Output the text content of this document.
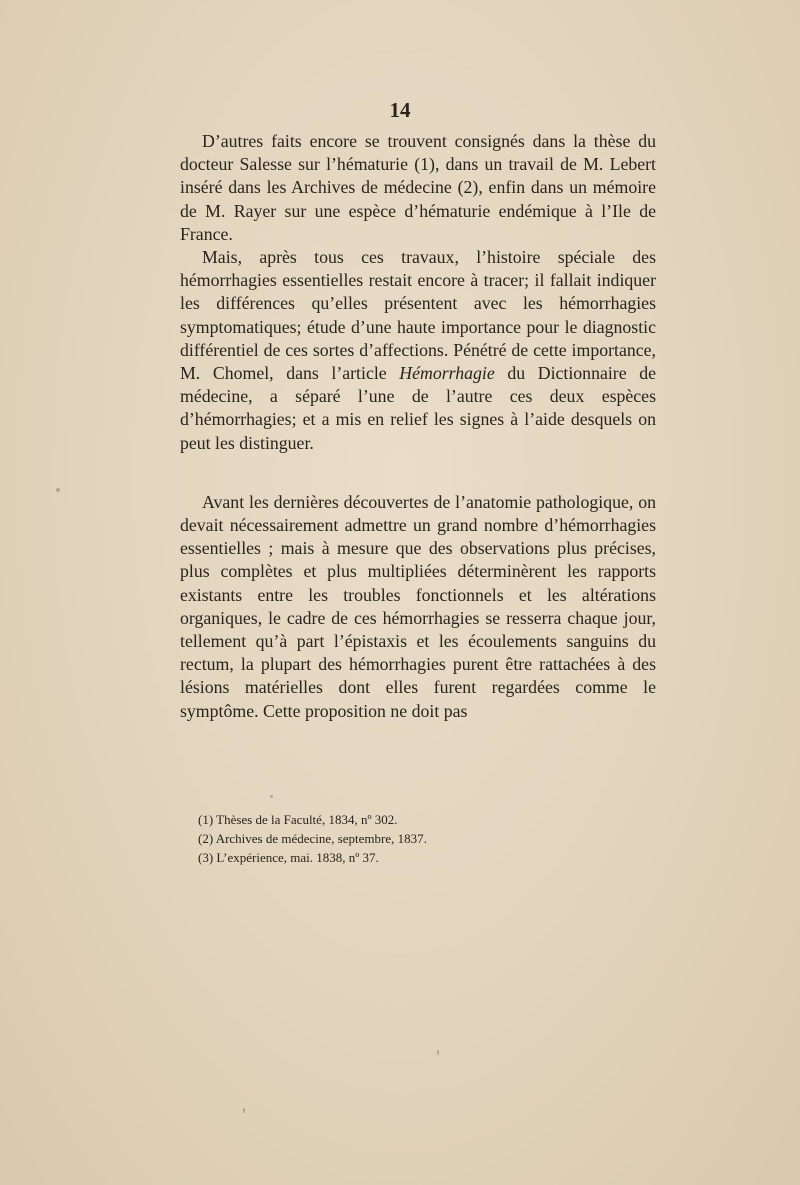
14

D’autres faits encore se trouvent consignés dans la thèse du docteur Salesse sur l’hématurie (1), dans un travail de M. Lebert inséré dans les Archives de médecine (2), enfin dans un mémoire de M. Rayer sur une espèce d’hématurie endémique à l’Ile de France.

Mais, après tous ces travaux, l’histoire spéciale des hémorrhagies essentielles restait encore à tracer; il fallait indiquer les différences qu’elles présentent avec les hémorrhagies symptomatiques; étude d’une haute importance pour le diagnostic différentiel de ces sortes d’affections. Pénétré de cette importance, M. Chomel, dans l’article Hémorrhagie du Dictionnaire de médecine, a séparé l’une de l’autre ces deux espèces d’hémorrhagies; et a mis en relief les signes à l’aide desquels on peut les distinguer.

Avant les dernières découvertes de l’anatomie pathologique, on devait nécessairement admettre un grand nombre d’hémorrhagies essentielles ; mais à mesure que des observations plus précises, plus complètes et plus multipliées déterminèrent les rapports existants entre les troubles fonctionnels et les altérations organiques, le cadre de ces hémorrhagies se resserra chaque jour, tellement qu’à part l’épistaxis et les écoulements sanguins du rectum, la plupart des hémorrhagies purent être rattachées à des lésions matérielles dont elles furent regardées comme le symptôme. Cette proposition ne doit pas

(1) Thèses de la Faculté, 1834, nº 302.
(2) Archives de médecine, septembre, 1837.
(3) L’expérience, mai. 1838, nº 37.
